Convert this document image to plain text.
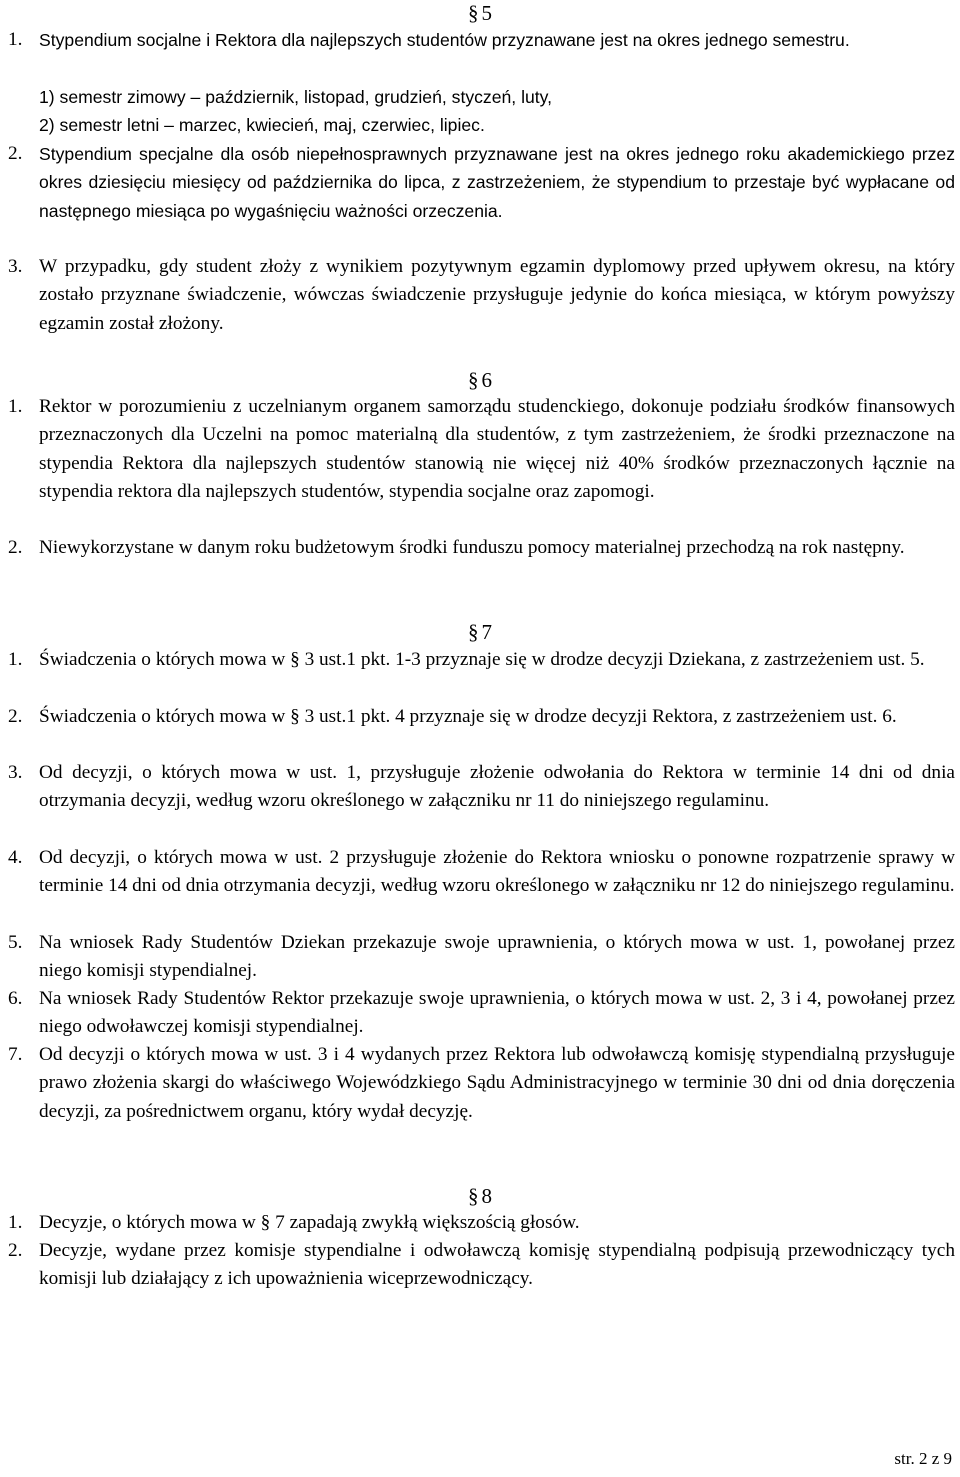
§ 5
1. Stypendium socjalne i Rektora dla najlepszych studentów przyznawane jest na okres jednego semestru.
1) semestr zimowy – październik, listopad, grudzień, styczeń, luty,
2) semestr letni – marzec, kwiecień, maj, czerwiec, lipiec.
2. Stypendium specjalne dla osób niepełnosprawnych przyznawane jest na okres jednego roku akademickiego przez okres dziesięciu miesięcy od października do lipca, z zastrzeżeniem, że stypendium to przestaje być wypłacane od następnego miesiąca po wygaśnięciu ważności orzeczenia.
3. W przypadku, gdy student złoży z wynikiem pozytywnym egzamin dyplomowy przed upływem okresu, na który zostało przyznane świadczenie, wówczas świadczenie przysługuje jedynie do końca miesiąca, w którym powyższy egzamin został złożony.
§ 6
1. Rektor w porozumieniu z uczelnianym organem samorządu studenckiego, dokonuje podziału środków finansowych przeznaczonych dla Uczelni na pomoc materialną dla studentów, z tym zastrzeżeniem, że środki przeznaczone na stypendia Rektora dla najlepszych studentów stanowią nie więcej niż 40% środków przeznaczonych łącznie na stypendia rektora dla najlepszych studentów, stypendia socjalne oraz zapomogi.
2. Niewykorzystane w danym roku budżetowym środki funduszu pomocy materialnej przechodzą na rok następny.
§ 7
1. Świadczenia o których mowa w § 3 ust.1 pkt. 1-3 przyznaje się w drodze decyzji Dziekana, z zastrzeżeniem ust. 5.
2. Świadczenia o których mowa w § 3 ust.1 pkt. 4 przyznaje się w drodze decyzji Rektora, z zastrzeżeniem ust. 6.
3. Od decyzji, o których mowa w ust. 1, przysługuje złożenie odwołania do Rektora w terminie 14 dni od dnia otrzymania decyzji, według wzoru określonego w załączniku nr 11 do niniejszego regulaminu.
4. Od decyzji, o których mowa w ust. 2 przysługuje złożenie do Rektora wniosku o ponowne rozpatrzenie sprawy w terminie 14 dni od dnia otrzymania decyzji, według wzoru określonego w załączniku nr 12 do niniejszego regulaminu.
5. Na wniosek Rady Studentów Dziekan przekazuje swoje uprawnienia, o których mowa w ust. 1, powołanej przez niego komisji stypendialnej.
6. Na wniosek Rady Studentów Rektor przekazuje swoje uprawnienia, o których mowa w ust. 2, 3 i 4, powołanej przez niego odwoławczej komisji stypendialnej.
7. Od decyzji o których mowa w ust. 3 i 4 wydanych przez Rektora lub odwoławczą komisję stypendialną przysługuje prawo złożenia skargi do właściwego Wojewódzkiego Sądu Administracyjnego w terminie 30 dni od dnia doręczenia decyzji, za pośrednictwem organu, który wydał decyzję.
§ 8
1. Decyzje, o których mowa w § 7 zapadają zwykłą większością głosów.
2. Decyzje, wydane przez komisje stypendialne i odwoławczą komisję stypendialną podpisują przewodniczący tych komisji lub działający z ich upoważnienia wiceprzewodniczący.
str. 2 z 9
